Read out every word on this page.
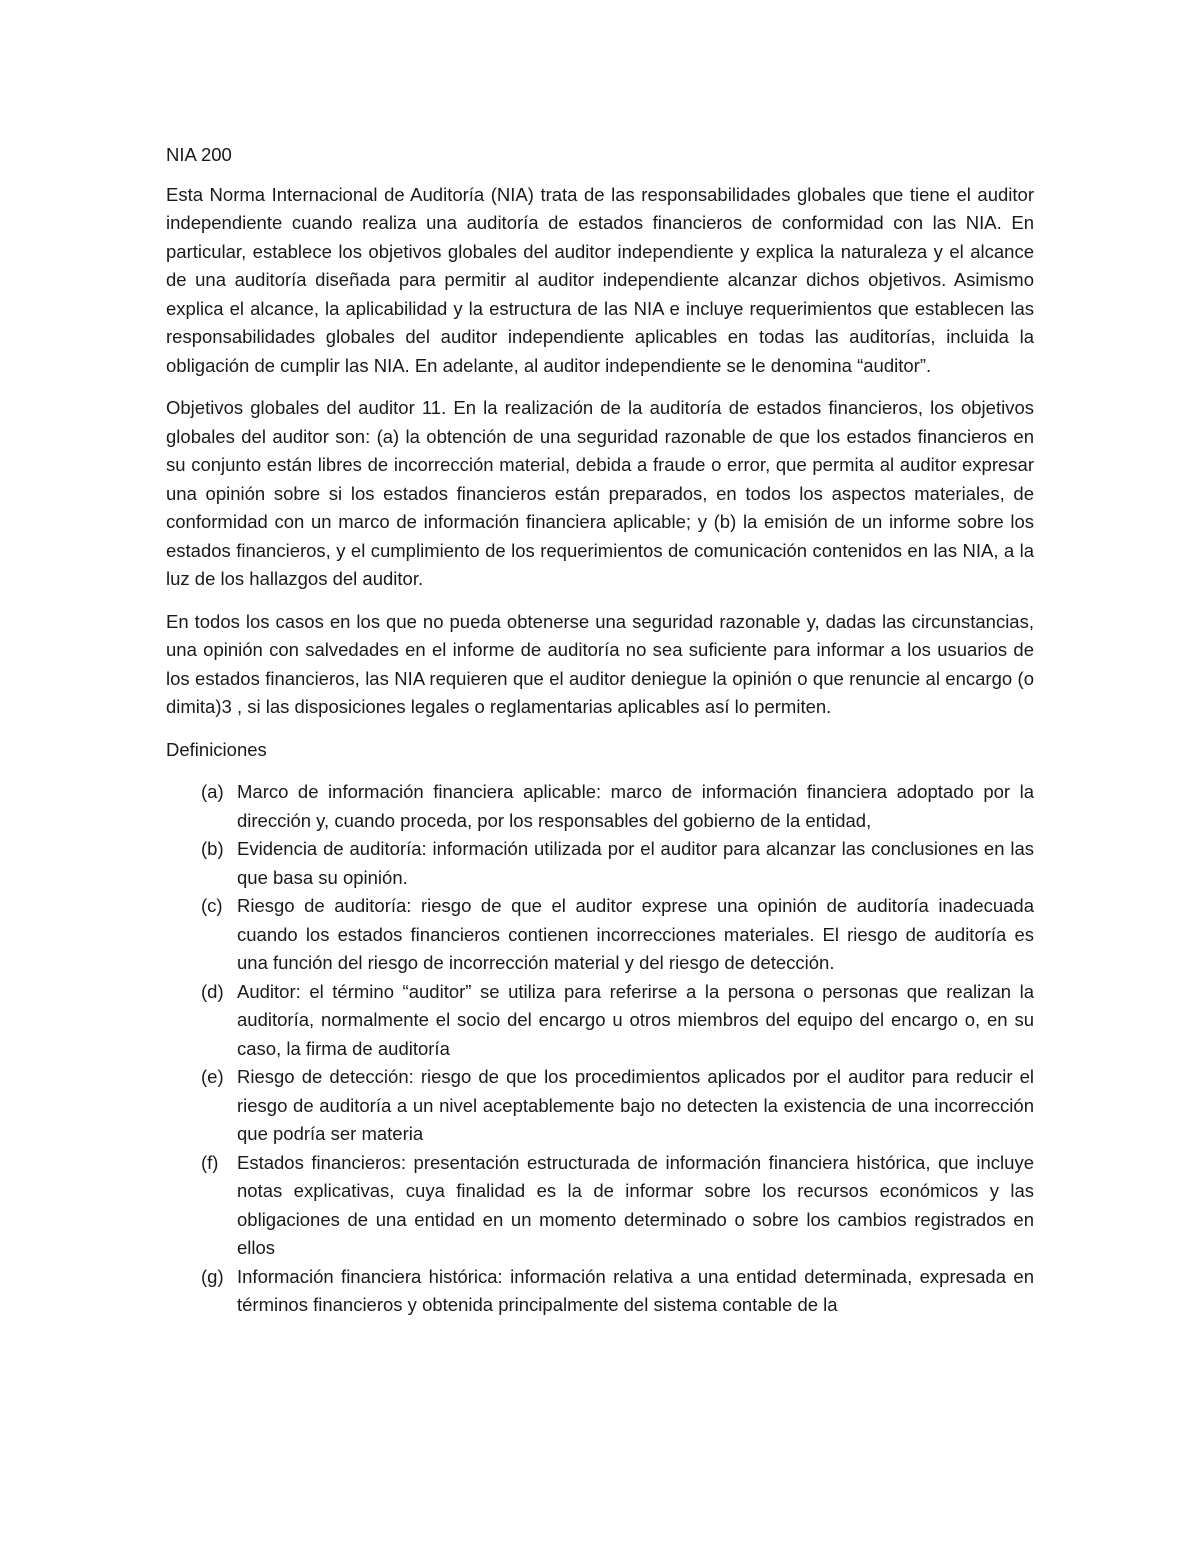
NIA 200

Esta Norma Internacional de Auditoría (NIA) trata de las responsabilidades globales que tiene el auditor independiente cuando realiza una auditoría de estados financieros de conformidad con las NIA. En particular, establece los objetivos globales del auditor independiente y explica la naturaleza y el alcance de una auditoría diseñada para permitir al auditor independiente alcanzar dichos objetivos. Asimismo explica el alcance, la aplicabilidad y la estructura de las NIA e incluye requerimientos que establecen las responsabilidades globales del auditor independiente aplicables en todas las auditorías, incluida la obligación de cumplir las NIA. En adelante, al auditor independiente se le denomina “auditor”.

Objetivos globales del auditor 11. En la realización de la auditoría de estados financieros, los objetivos globales del auditor son: (a) la obtención de una seguridad razonable de que los estados financieros en su conjunto están libres de incorrección material, debida a fraude o error, que permita al auditor expresar una opinión sobre si los estados financieros están preparados, en todos los aspectos materiales, de conformidad con un marco de información financiera aplicable; y (b) la emisión de un informe sobre los estados financieros, y el cumplimiento de los requerimientos de comunicación contenidos en las NIA, a la luz de los hallazgos del auditor.

En todos los casos en los que no pueda obtenerse una seguridad razonable y, dadas las circunstancias, una opinión con salvedades en el informe de auditoría no sea suficiente para informar a los usuarios de los estados financieros, las NIA requieren que el auditor deniegue la opinión o que renuncie al encargo (o dimita)3 , si las disposiciones legales o reglamentarias aplicables así lo permiten.

Definiciones
(a) Marco de información financiera aplicable: marco de información financiera adoptado por la dirección y, cuando proceda, por los responsables del gobierno de la entidad,
(b) Evidencia de auditoría: información utilizada por el auditor para alcanzar las conclusiones en las que basa su opinión.
(c) Riesgo de auditoría: riesgo de que el auditor exprese una opinión de auditoría inadecuada cuando los estados financieros contienen incorrecciones materiales. El riesgo de auditoría es una función del riesgo de incorrección material y del riesgo de detección.
(d) Auditor: el término “auditor” se utiliza para referirse a la persona o personas que realizan la auditoría, normalmente el socio del encargo u otros miembros del equipo del encargo o, en su caso, la firma de auditoría
(e) Riesgo de detección: riesgo de que los procedimientos aplicados por el auditor para reducir el riesgo de auditoría a un nivel aceptablemente bajo no detecten la existencia de una incorrección que podría ser materia
(f) Estados financieros: presentación estructurada de información financiera histórica, que incluye notas explicativas, cuya finalidad es la de informar sobre los recursos económicos y las obligaciones de una entidad en un momento determinado o sobre los cambios registrados en ellos
(g) Información financiera histórica: información relativa a una entidad determinada, expresada en términos financieros y obtenida principalmente del sistema contable de la
